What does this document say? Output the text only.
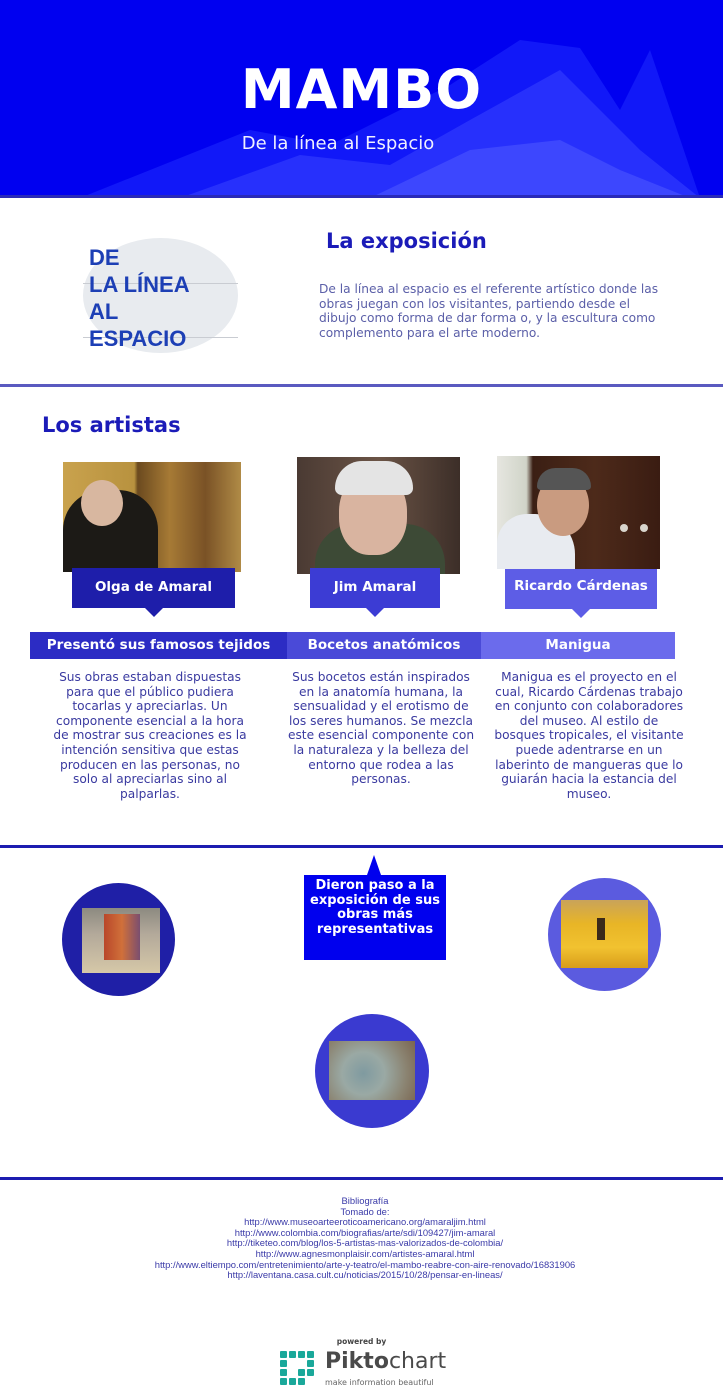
MAMBO
De la línea al Espacio
DE
LA LÍNEA
AL
ESPACIO
La exposición
De la línea al espacio es el referente artístico donde las obras juegan con los visitantes, partiendo desde el dibujo como forma de dar forma o, y la escultura como complemento para el arte moderno.
Los artistas
Olga de Amaral	Jim Amaral	Ricardo Cárdenas
Presentó sus famosos tejidos	Bocetos anatómicos	Manigua
Sus obras estaban dispuestas para que el público pudiera tocarlas y apreciarlas. Un componente esencial a la hora de mostrar sus creaciones es la intención sensitiva que estas producen en las personas, no solo al apreciarlas sino al palparlas.
Sus bocetos están inspirados en la anatomía humana, la sensualidad y el erotismo de los seres humanos. Se mezcla este esencial componente con la naturaleza y la belleza del entorno que rodea a las personas.
Manigua es el proyecto en el cual, Ricardo Cárdenas trabajo en conjunto con colaboradores del museo. Al estilo de bosques tropicales, el visitante puede adentrarse en un laberinto de mangueras que lo guiarán hacia la estancia del museo.
Dieron paso a la exposición de sus obras más representativas
Bibliografía
Tomado de:
http://www.museoarteeroticoamericano.org/amaraljim.html
http://www.colombia.com/biografias/arte/sdi/109427/jim-amaral
http://tiketeo.com/blog/los-5-artistas-mas-valorizados-de-colombia/
http://www.agnesmonplaisir.com/artistes-amaral.html
http://www.eltiempo.com/entretenimiento/arte-y-teatro/el-mambo-reabre-con-aire-renovado/16831906
http://laventana.casa.cult.cu/noticias/2015/10/28/pensar-en-lineas/
powered by
Piktochart
make information beautiful
